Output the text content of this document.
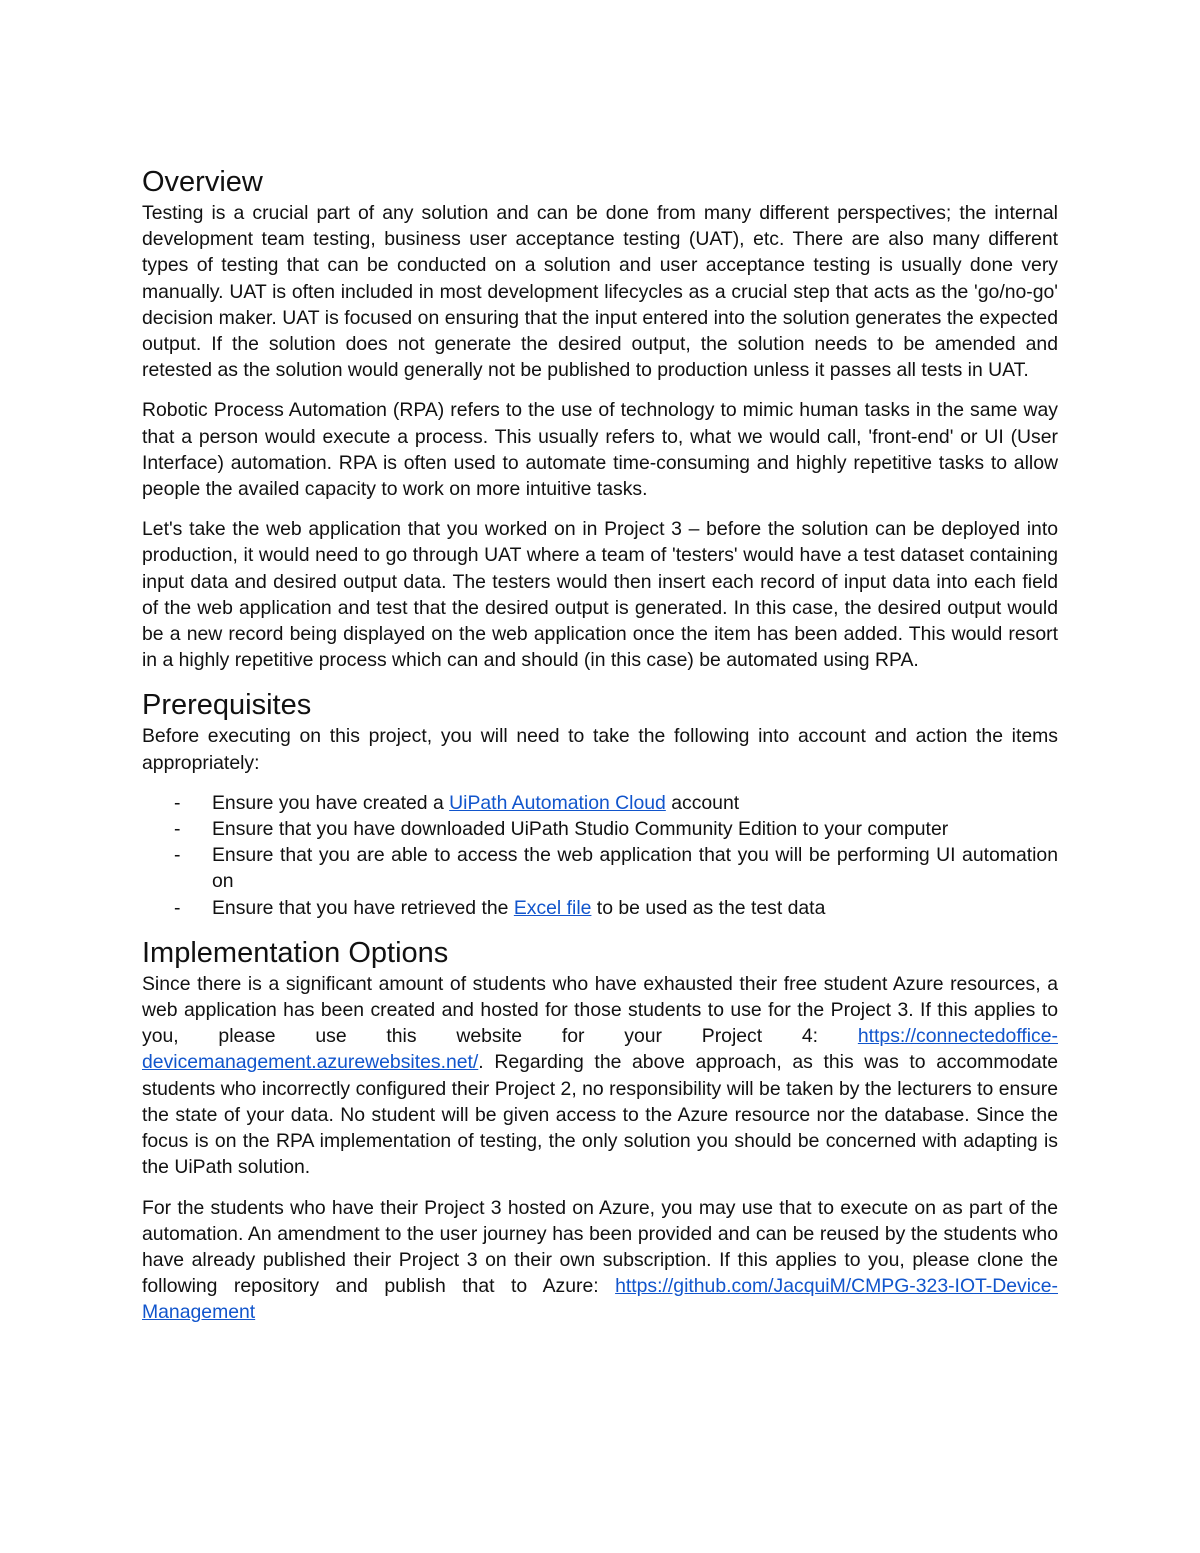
Overview

Testing is a crucial part of any solution and can be done from many different perspectives; the internal development team testing, business user acceptance testing (UAT), etc. There are also many different types of testing that can be conducted on a solution and user acceptance testing is usually done very manually. UAT is often included in most development lifecycles as a crucial step that acts as the 'go/no-go' decision maker. UAT is focused on ensuring that the input entered into the solution generates the expected output. If the solution does not generate the desired output, the solution needs to be amended and retested as the solution would generally not be published to production unless it passes all tests in UAT.

Robotic Process Automation (RPA) refers to the use of technology to mimic human tasks in the same way that a person would execute a process. This usually refers to, what we would call, 'front-end' or UI (User Interface) automation. RPA is often used to automate time-consuming and highly repetitive tasks to allow people the availed capacity to work on more intuitive tasks.

Let's take the web application that you worked on in Project 3 – before the solution can be deployed into production, it would need to go through UAT where a team of 'testers' would have a test dataset containing input data and desired output data. The testers would then insert each record of input data into each field of the web application and test that the desired output is generated. In this case, the desired output would be a new record being displayed on the web application once the item has been added. This would resort in a highly repetitive process which can and should (in this case) be automated using RPA.

Prerequisites

Before executing on this project, you will need to take the following into account and action the items appropriately:

- Ensure you have created a UiPath Automation Cloud account
- Ensure that you have downloaded UiPath Studio Community Edition to your computer
- Ensure that you are able to access the web application that you will be performing UI automation on
- Ensure that you have retrieved the Excel file to be used as the test data
Implementation Options

Since there is a significant amount of students who have exhausted their free student Azure resources, a web application has been created and hosted for those students to use for the Project 3. If this applies to you, please use this website for your Project 4: https://connectedoffice-devicemanagement.azurewebsites.net/. Regarding the above approach, as this was to accommodate students who incorrectly configured their Project 2, no responsibility will be taken by the lecturers to ensure the state of your data. No student will be given access to the Azure resource nor the database. Since the focus is on the RPA implementation of testing, the only solution you should be concerned with adapting is the UiPath solution.

For the students who have their Project 3 hosted on Azure, you may use that to execute on as part of the automation. An amendment to the user journey has been provided and can be reused by the students who have already published their Project 3 on their own subscription. If this applies to you, please clone the following repository and publish that to Azure: https://github.com/JacquiM/CMPG-323-IOT-Device-Management
